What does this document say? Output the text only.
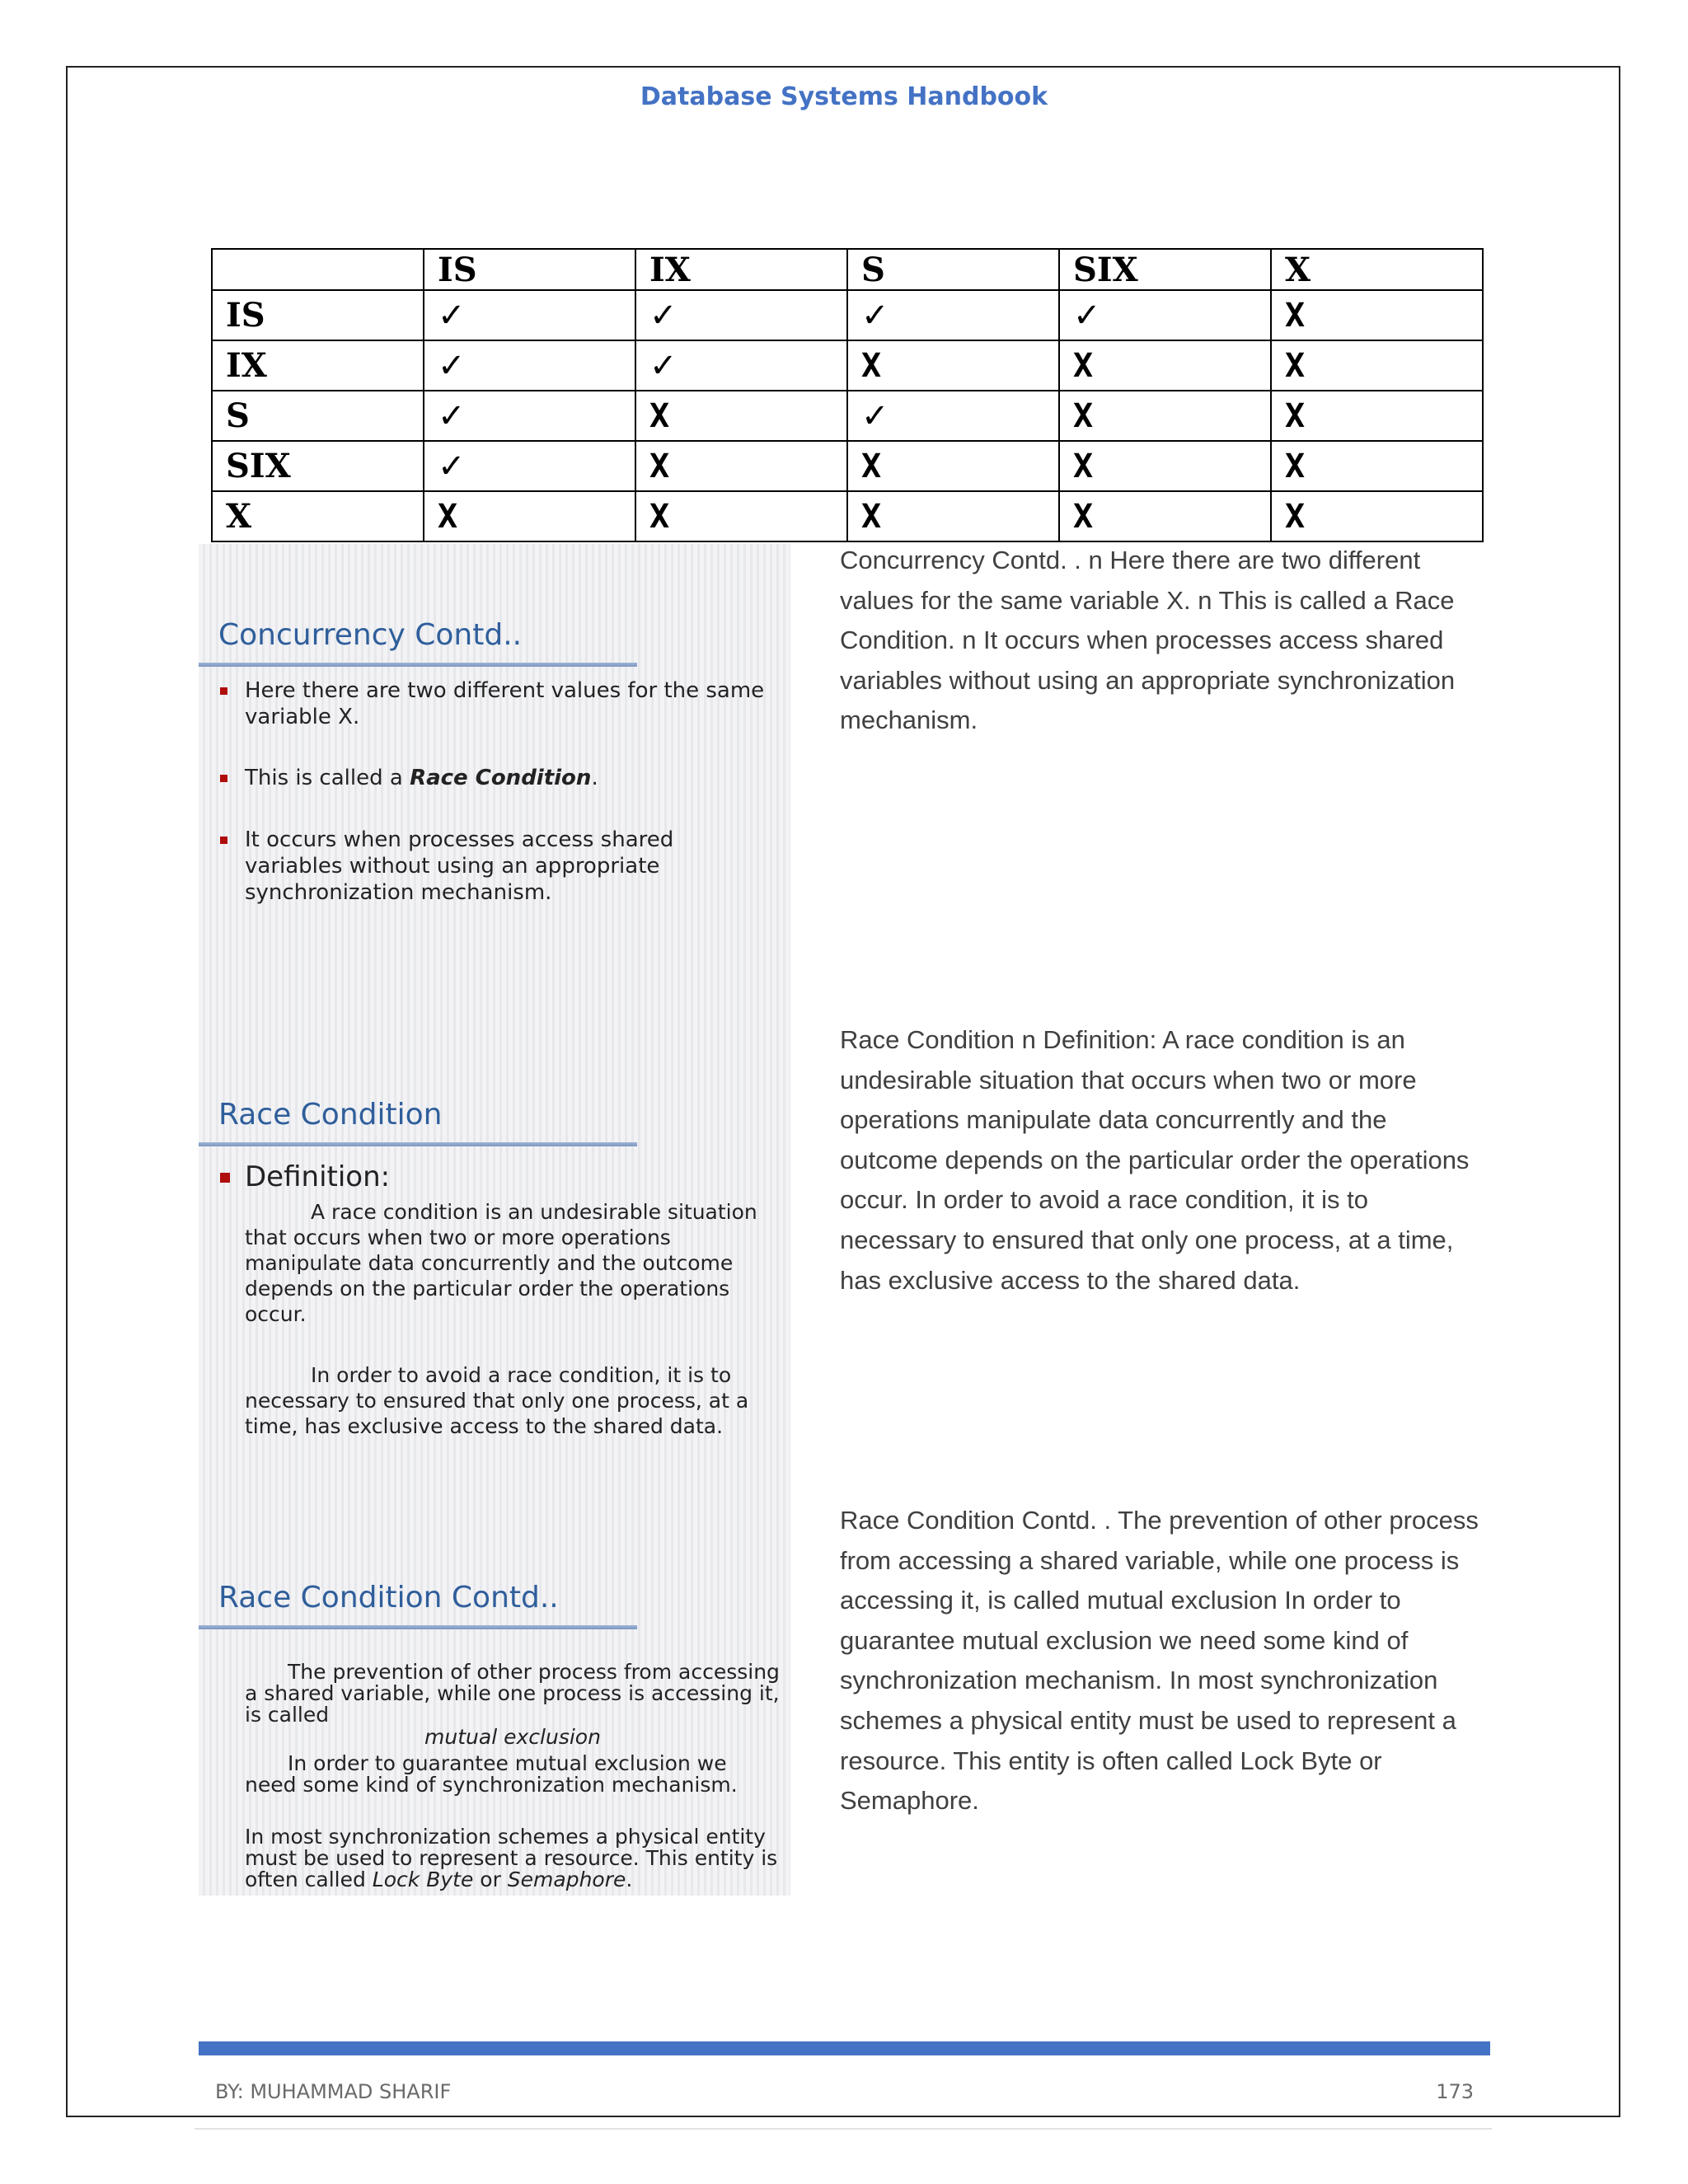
Database Systems Handbook
	IS	IX	S	SIX	X
IS	✓	✓	✓	✓	X
IX	✓	✓	X	X	X
S	✓	X	✓	X	X
SIX	✓	X	X	X	X
X	X	X	X	X	X
Concurrency Contd..
Here there are two different values for the same variable X.
This is called a Race Condition.
It occurs when processes access shared variables without using an appropriate synchronization mechanism.
Race Condition
Definition:
A race condition is an undesirable situation that occurs when two or more operations manipulate data concurrently and the outcome depends on the particular order the operations occur.
In order to avoid a race condition, it is to necessary to ensured that only one process, at a time, has exclusive access to the shared data.
Race Condition Contd..
The prevention of other process from accessing a shared variable, while one process is accessing it, is called
mutual exclusion
In order to guarantee mutual exclusion we need some kind of synchronization mechanism.
In most synchronization schemes a physical entity must be used to represent a resource. This entity is often called Lock Byte or Semaphore.
Concurrency Contd. . n Here there are two different values for the same variable X. n This is called a Race Condition. n It occurs when processes access shared variables without using an appropriate synchronization mechanism.
Race Condition n Definition: A race condition is an undesirable situation that occurs when two or more operations manipulate data concurrently and the outcome depends on the particular order the operations occur. In order to avoid a race condition, it is to necessary to ensured that only one process, at a time, has exclusive access to the shared data.
Race Condition Contd. . The prevention of other process from accessing a shared variable, while one process is accessing it, is called mutual exclusion In order to guarantee mutual exclusion we need some kind of synchronization mechanism. In most synchronization schemes a physical entity must be used to represent a resource. This entity is often called Lock Byte or Semaphore.
BY: MUHAMMAD SHARIF	173
